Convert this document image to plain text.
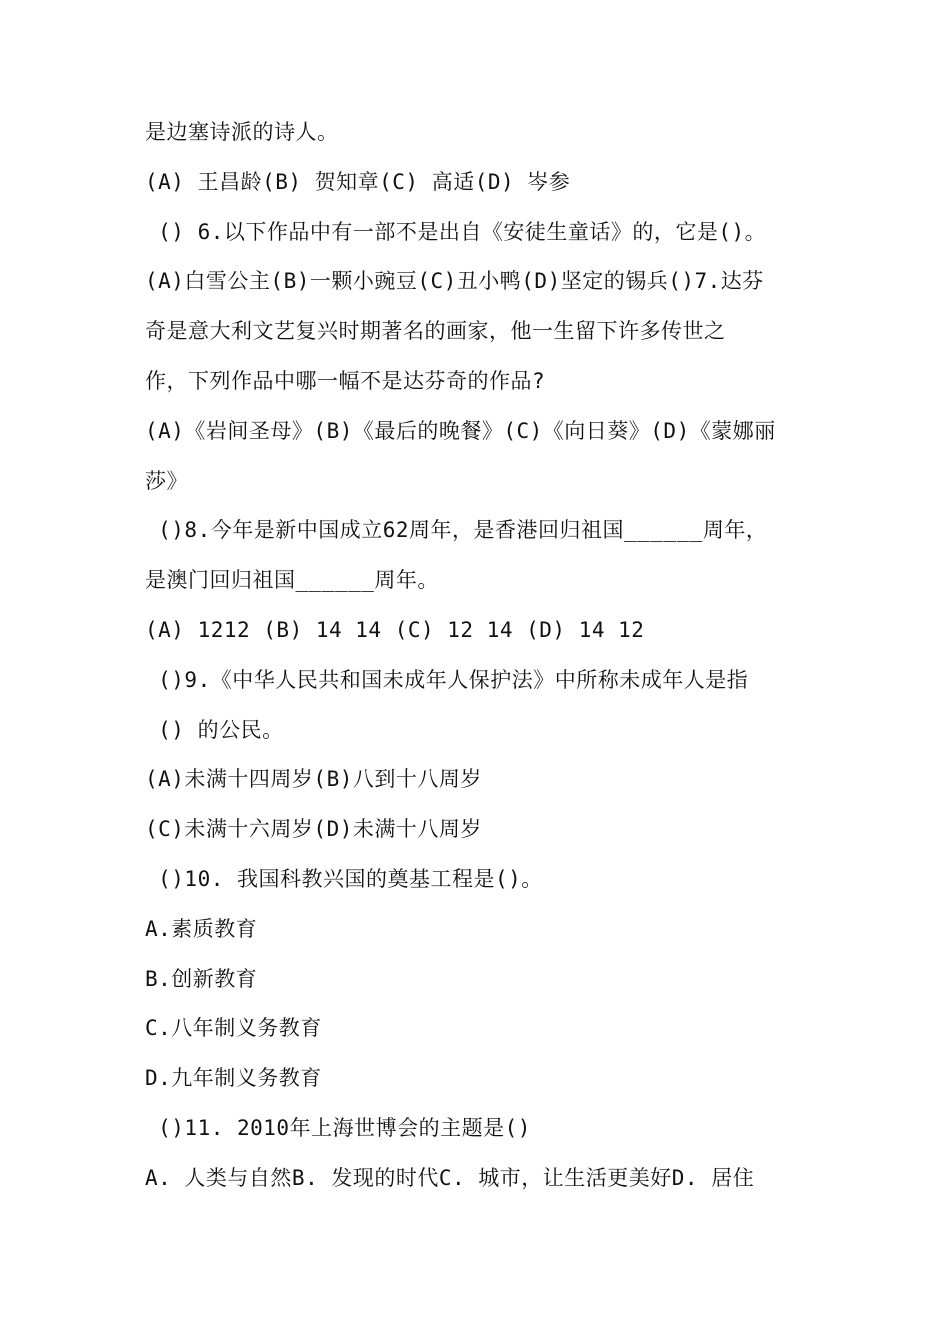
是边塞诗派的诗人。
(A) 王昌龄(B) 贺知章(C) 高适(D) 岑参
() 6.以下作品中有一部不是出自《安徒生童话》的，它是()。
(A)白雪公主(B)一颗小豌豆(C)丑小鸭(D)坚定的锡兵()7.达芬
奇是意大利文艺复兴时期著名的画家，他一生留下许多传世之
作，下列作品中哪一幅不是达芬奇的作品?
(A)《岩间圣母》(B)《最后的晚餐》(C)《向日葵》(D)《蒙娜丽
莎》
()8.今年是新中国成立62周年，是香港回归祖国______周年，
是澳门回归祖国______周年。
(A) 1212 (B) 14 14 (C) 12 14 (D) 14 12
()9.《中华人民共和国未成年人保护法》中所称未成年人是指
() 的公民。
(A)未满十四周岁(B)八到十八周岁
(C)未满十六周岁(D)未满十八周岁
()10. 我国科教兴国的奠基工程是()。
A.素质教育
B.创新教育
C.八年制义务教育
D.九年制义务教育
()11. 2010年上海世博会的主题是()
A. 人类与自然B. 发现的时代C. 城市，让生活更美好D. 居住
